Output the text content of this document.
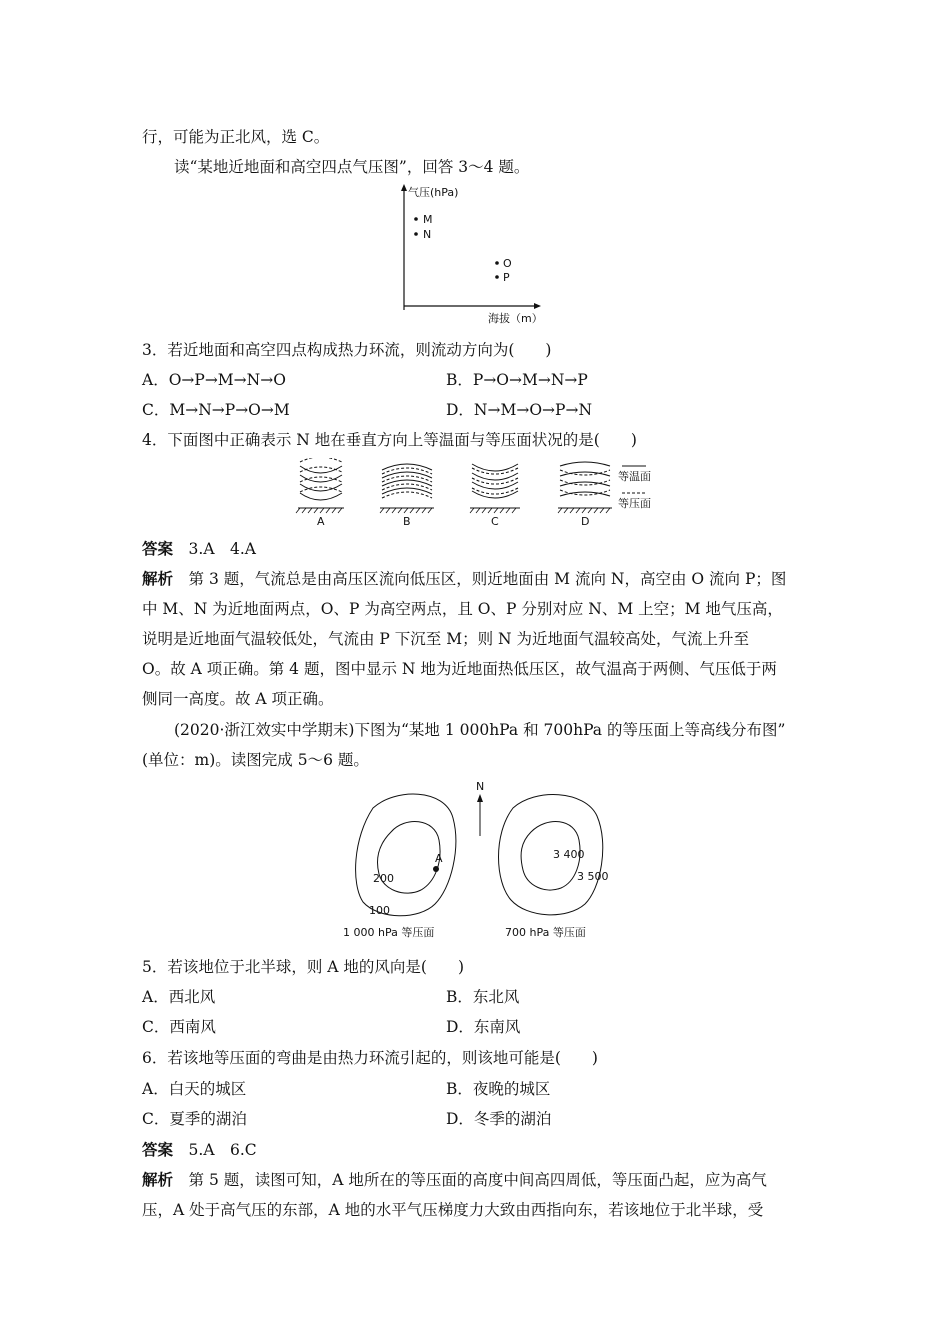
行，可能为正北风，选 C。
读“某地近地面和高空四点气压图”，回答 3～4 题。
气压(hPa)
海拔（m）
M
N
O
P
3．若近地面和高空四点构成热力环流，则流动方向为(　　)
A．O→P→M→N→O	B．P→O→M→N→P
C．M→N→P→O→M	D．N→M→O→P→N
4．下面图中正确表示 N 地在垂直方向上等温面与等压面状况的是(　　)
A	B	C	D
等温面
等压面
答案　 3.A　4.A
解析　 第 3 题，气流总是由高压区流向低压区，则近地面由 M 流向 N，高空由 O 流向 P；图
中 M、N 为近地面两点，O、P 为高空两点，且 O、P 分别对应 N、M 上空；M 地气压高，
说明是近地面气温较低处，气流由 P 下沉至 M；则 N 为近地面气温较高处，气流上升至
O。故 A 项正确。第 4 题，图中显示 N 地为近地面热低压区，故气温高于两侧、气压低于两
侧同一高度。故 A 项正确。
(2020·浙江效实中学期末)下图为“某地 1 000hPa 和 700hPa 的等压面上等高线分布图”
(单位：m)。读图完成 5～6 题。
N
200
100
A
1 000 hPa 等压面
3 400
3 500
700 hPa 等压面
5．若该地位于北半球，则 A 地的风向是(　　)
A．西北风	B．东北风
C．西南风	D．东南风
6．若该地等压面的弯曲是由热力环流引起的，则该地可能是(　　)
A．白天的城区	B．夜晚的城区
C．夏季的湖泊	D．冬季的湖泊
答案　 5.A　6.C
解析　 第 5 题，读图可知，A 地所在的等压面的高度中间高四周低，等压面凸起，应为高气
压，A 处于高气压的东部，A 地的水平气压梯度力大致由西指向东，若该地位于北半球，受
